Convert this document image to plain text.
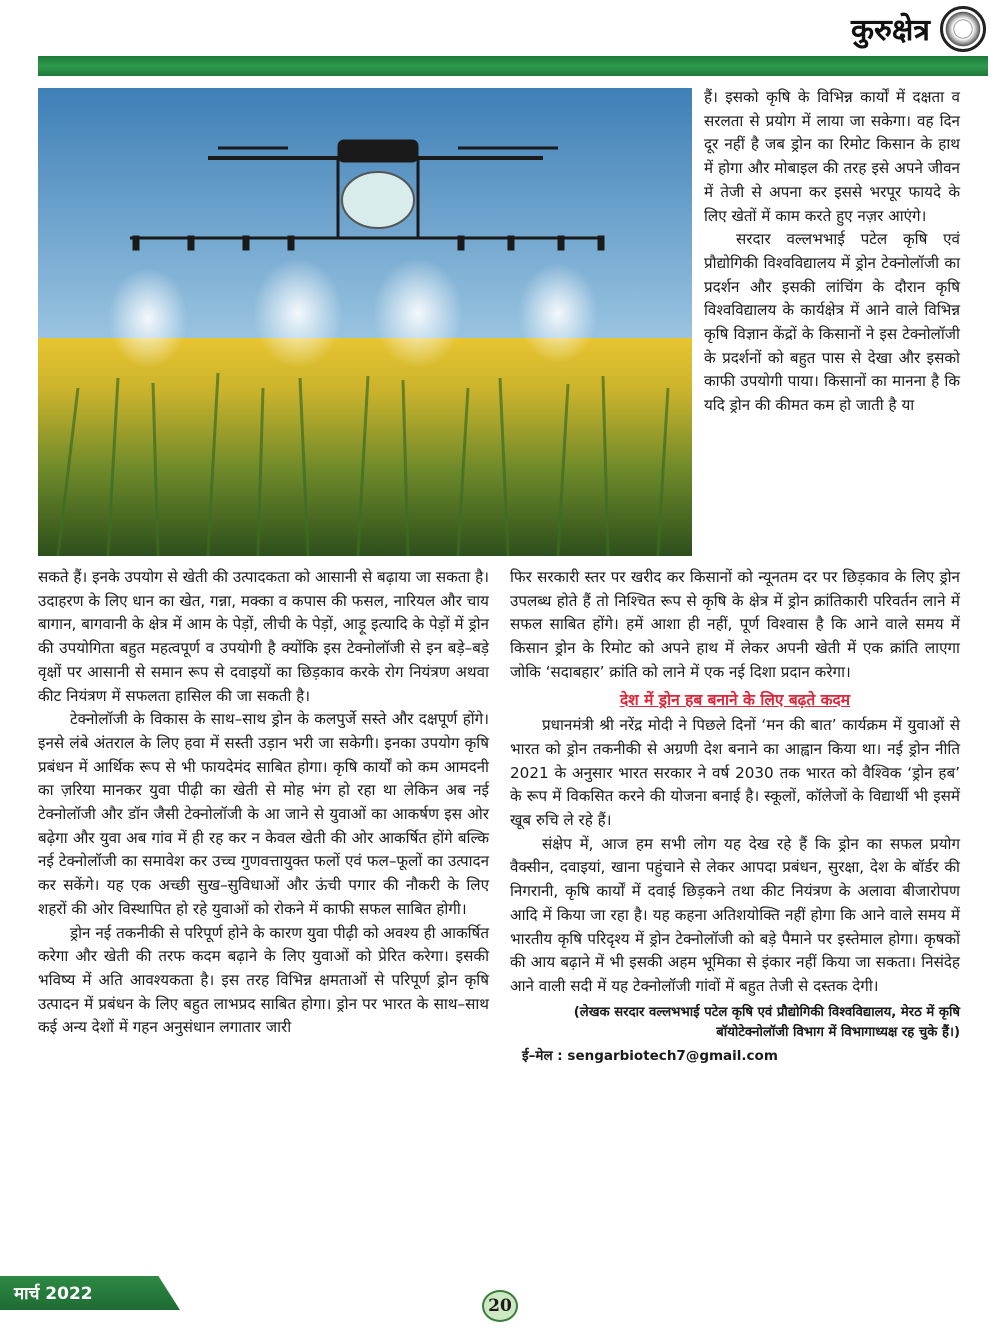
कुरुक्षेत्र

हैं। इसको कृषि के विभिन्न कार्यों में दक्षता व सरलता से प्रयोग में लाया जा सकेगा। वह दिन दूर नहीं है जब ड्रोन का रिमोट किसान के हाथ में होगा और मोबाइल की तरह इसे अपने जीवन में तेजी से अपना कर इससे भरपूर फायदे के लिए खेतों में काम करते हुए नज़र आएंगे।

सरदार वल्लभभाई पटेल कृषि एवं प्रौद्योगिकी विश्वविद्यालय में ड्रोन टेक्नोलॉजी का प्रदर्शन और इसकी लांचिंग के दौरान कृषि विश्वविद्यालय के कार्यक्षेत्र में आने वाले विभिन्न कृषि विज्ञान केंद्रों के किसानों ने इस टेक्नोलॉजी के प्रदर्शनों को बहुत पास से देखा और इसको काफी उपयोगी पाया। किसानों का मानना है कि यदि ड्रोन की कीमत कम हो जाती है या

सकते हैं। इनके उपयोग से खेती की उत्पादकता को आसानी से बढ़ाया जा सकता है। उदाहरण के लिए धान का खेत, गन्ना, मक्का व कपास की फसल, नारियल और चाय बागान, बागवानी के क्षेत्र में आम के पेड़ों, लीची के पेड़ों, आड़ू इत्यादि के पेड़ों में ड्रोन की उपयोगिता बहुत महत्वपूर्ण व उपयोगी है क्योंकि इस टेक्नोलॉजी से इन बड़े–बड़े वृक्षों पर आसानी से समान रूप से दवाइयों का छिड़काव करके रोग नियंत्रण अथवा कीट नियंत्रण में सफलता हासिल की जा सकती है।

टेक्नोलॉजी के विकास के साथ–साथ ड्रोन के कलपुर्जे सस्ते और दक्षपूर्ण होंगे। इनसे लंबे अंतराल के लिए हवा में सस्ती उड़ान भरी जा सकेगी। इनका उपयोग कृषि प्रबंधन में आर्थिक रूप से भी फायदेमंद साबित होगा। कृषि कार्यों को कम आमदनी का ज़रिया मानकर युवा पीढ़ी का खेती से मोह भंग हो रहा था लेकिन अब नई टेक्नोलॉजी और डॉन जैसी टेक्नोलॉजी के आ जाने से युवाओं का आकर्षण इस ओर बढ़ेगा और युवा अब गांव में ही रह कर न केवल खेती की ओर आकर्षित होंगे बल्कि नई टेक्नोलॉजी का समावेश कर उच्च गुणवत्तायुक्त फलों एवं फल–फूलों का उत्पादन कर सकेंगे। यह एक अच्छी सुख–सुविधाओं और ऊंची पगार की नौकरी के लिए शहरों की ओर विस्थापित हो रहे युवाओं को रोकने में काफी सफल साबित होगी।

ड्रोन नई तकनीकी से परिपूर्ण होने के कारण युवा पीढ़ी को अवश्य ही आकर्षित करेगा और खेती की तरफ कदम बढ़ाने के लिए युवाओं को प्रेरित करेगा। इसकी भविष्य में अति आवश्यकता है। इस तरह विभिन्न क्षमताओं से परिपूर्ण ड्रोन कृषि उत्पादन में प्रबंधन के लिए बहुत लाभप्रद साबित होगा। ड्रोन पर भारत के साथ–साथ कई अन्य देशों में गहन अनुसंधान लगातार जारी

फिर सरकारी स्तर पर खरीद कर किसानों को न्यूनतम दर पर छिड़काव के लिए ड्रोन उपलब्ध होते हैं तो निश्चित रूप से कृषि के क्षेत्र में ड्रोन क्रांतिकारी परिवर्तन लाने में सफल साबित होंगे। हमें आशा ही नहीं, पूर्ण विश्वास है कि आने वाले समय में किसान ड्रोन के रिमोट को अपने हाथ में लेकर अपनी खेती में एक क्रांति लाएगा जोकि ‘सदाबहार’ क्रांति को लाने में एक नई दिशा प्रदान करेगा।

देश में ड्रोन हब बनाने के लिए बढ़ते कदम

प्रधानमंत्री श्री नरेंद्र मोदी ने पिछले दिनों ‘मन की बात’ कार्यक्रम में युवाओं से भारत को ड्रोन तकनीकी से अग्रणी देश बनाने का आह्वान किया था। नई ड्रोन नीति 2021 के अनुसार भारत सरकार ने वर्ष 2030 तक भारत को वैश्विक ‘ड्रोन हब’ के रूप में विकसित करने की योजना बनाई है। स्कूलों, कॉलेजों के विद्यार्थी भी इसमें खूब रुचि ले रहे हैं।

संक्षेप में, आज हम सभी लोग यह देख रहे हैं कि ड्रोन का सफल प्रयोग वैक्सीन, दवाइयां, खाना पहुंचाने से लेकर आपदा प्रबंधन, सुरक्षा, देश के बॉर्डर की निगरानी, कृषि कार्यों में दवाई छिड़कने तथा कीट नियंत्रण के अलावा बीजारोपण आदि में किया जा रहा है। यह कहना अतिशयोक्ति नहीं होगा कि आने वाले समय में भारतीय कृषि परिदृश्य में ड्रोन टेक्नोलॉजी को बड़े पैमाने पर इस्तेमाल होगा। कृषकों की आय बढ़ाने में भी इसकी अहम भूमिका से इंकार नहीं किया जा सकता। निसंदेह आने वाली सदी में यह टेक्नोलॉजी गांवों में बहुत तेजी से दस्तक देगी।

(लेखक सरदार वल्लभभाई पटेल कृषि एवं प्रौद्योगिकी विश्वविद्यालय, मेरठ में कृषि बॉयोटेक्नोलॉजी विभाग में विभागाध्यक्ष रह चुके हैं।)
ई–मेल : sengarbiotech7@gmail.com
मार्च 2022
20
